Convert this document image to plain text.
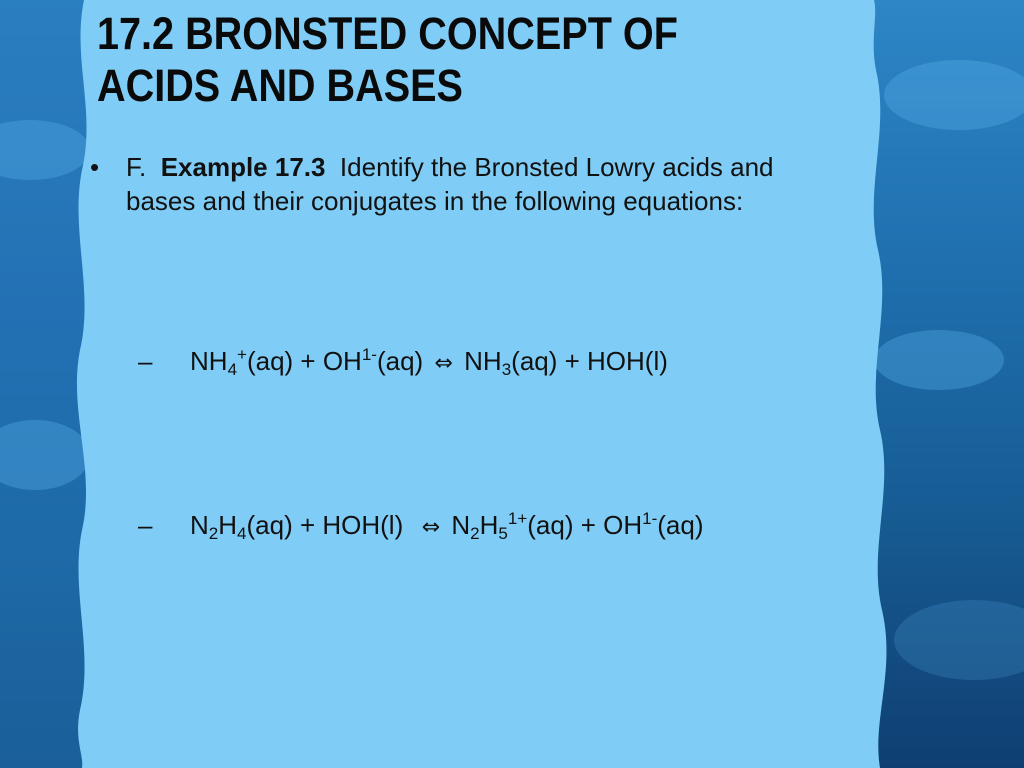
17.2 BRONSTED CONCEPT OF ACIDS AND BASES
• F. Example 17.3 Identify the Bronsted Lowry acids and bases and their conjugates in the following equations:
– $NH_4^+(aq) + OH^{1-}(aq)$ ⇔ $NH_3(aq) + HOH(l)$
– $N_2H_4(aq) + HOH(l)$ ⇔ $N_2H_5^{1+}(aq) + OH^{1-}(aq)$
